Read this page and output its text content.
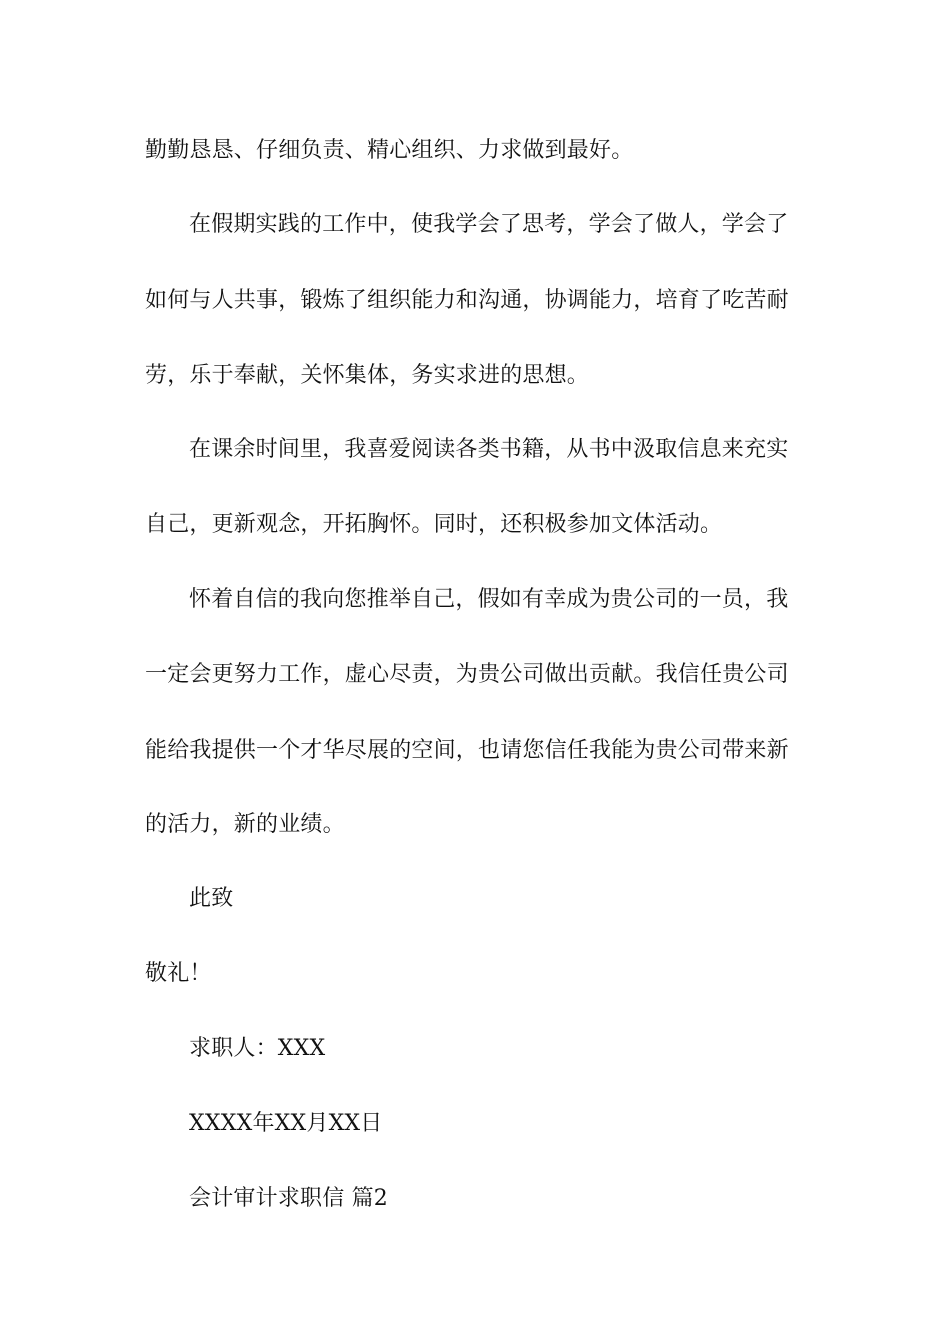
勤勤恳恳、仔细负责、精心组织、力求做到最好。
在假期实践的工作中，使我学会了思考，学会了做人，学会了
如何与人共事，锻炼了组织能力和沟通，协调能力，培育了吃苦耐
劳，乐于奉献，关怀集体，务实求进的思想。
在课余时间里，我喜爱阅读各类书籍，从书中汲取信息来充实
自己，更新观念，开拓胸怀。同时，还积极参加文体活动。
怀着自信的我向您推举自己，假如有幸成为贵公司的一员，我
一定会更努力工作，虚心尽责，为贵公司做出贡献。我信任贵公司
能给我提供一个才华尽展的空间，也请您信任我能为贵公司带来新
的活力，新的业绩。
此致
敬礼！
求职人：XXX
XXXX年XX月XX日
会计审计求职信 篇2
